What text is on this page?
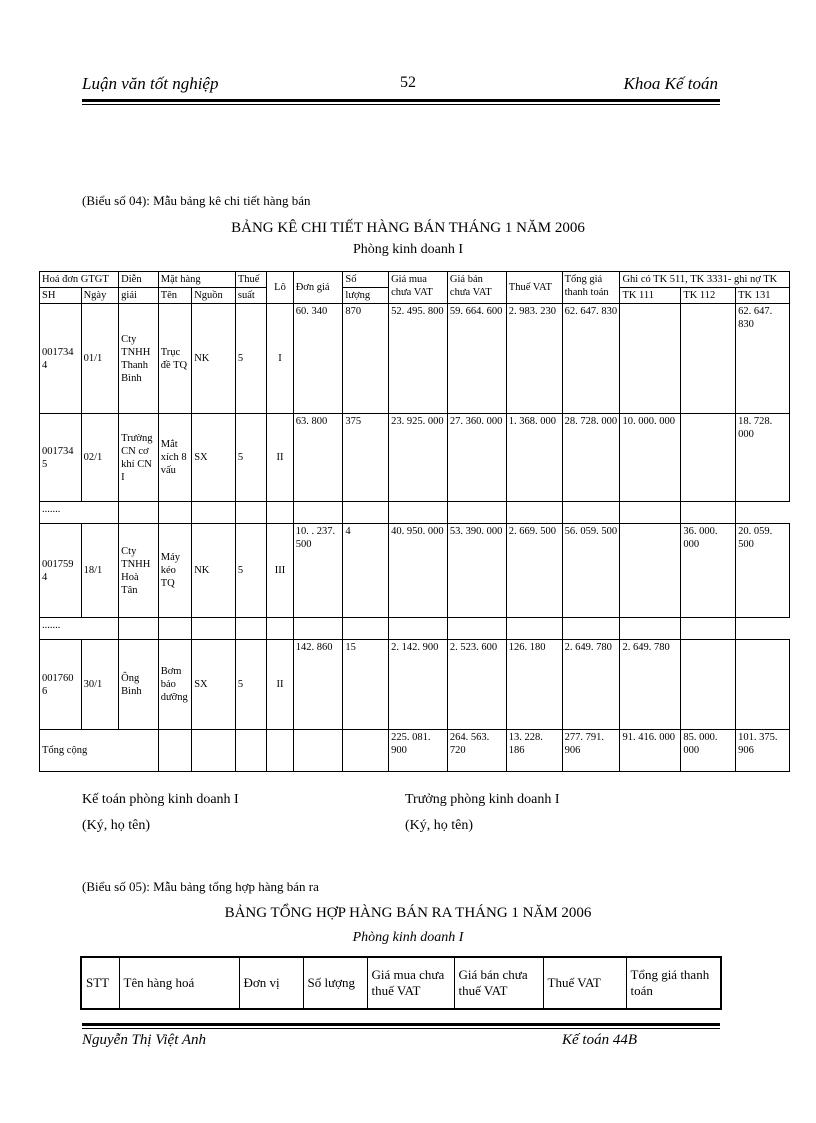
Luận văn tốt nghiệp	52	Khoa Kế toán
(Biểu số 04): Mẫu bảng kê chi tiết hàng bán
BẢNG KÊ CHI TIẾT HÀNG BÁN THÁNG 1 NĂM 2006
Phòng kinh doanh I
Hoá đơn GTGT		Diễn	Mặt hàng		Thuế	Lô	Đơn giá	Số	Giá mua chưa VAT	Giá bán chưa VAT	Thuế VAT	Tổng giá thanh toán	Ghi có TK 511, TK 3331- ghi nợ TK		
SH	Ngày	giải	Tên	Nguồn	suất			lượng					TK 111	TK 112	TK 131
0017344	01/1	Cty TNHH Thanh Bình	Trục đề TQ	NK	5	I	60. 340	870	52. 495. 800	59. 664. 600	2. 983. 230	62. 647. 830			62. 647. 830
0017345	02/1	Trường CN cơ khí CN I	Mắt xích 8 vấu	SX	5	II	63. 800	375	23. 925. 000	27. 360. 000	1. 368. 000	28. 728. 000	10. 000. 000		18. 728. 000
.......															
0017594	18/1	Cty TNHH Hoà Tân	Máy kéo TQ	NK	5	III	10. . 237. 500	4	40. 950. 000	53. 390. 000	2. 669. 500	56. 059. 500		36. 000. 000	20. 059. 500
.......															
0017606	30/1	Ông Bình	Bơm bảo dưỡng	SX	5	II	142. 860	15	2. 142. 900	2. 523. 600	126. 180	2. 649. 780	2. 649. 780		
Tổng cộng									225. 081. 900	264. 563. 720	13. 228. 186	277. 791. 906	91. 416. 000	85. 000. 000	101. 375. 906
Kế toán phòng kinh doanh I
(Ký, họ tên)
Trưởng phòng kinh doanh I
(Ký, họ tên)
(Biểu số 05): Mẫu bảng tổng hợp hàng bán ra
BẢNG TỔNG HỢP HÀNG BÁN RA THÁNG 1 NĂM 2006
Phòng kinh doanh I
STT	Tên hàng hoá	Đơn vị	Số lượng	Giá mua chưa thuế VAT	Giá bán chưa thuế VAT	Thuế VAT	Tổng giá thanh toán
Nguyễn Thị Việt Anh	Kế toán 44B
